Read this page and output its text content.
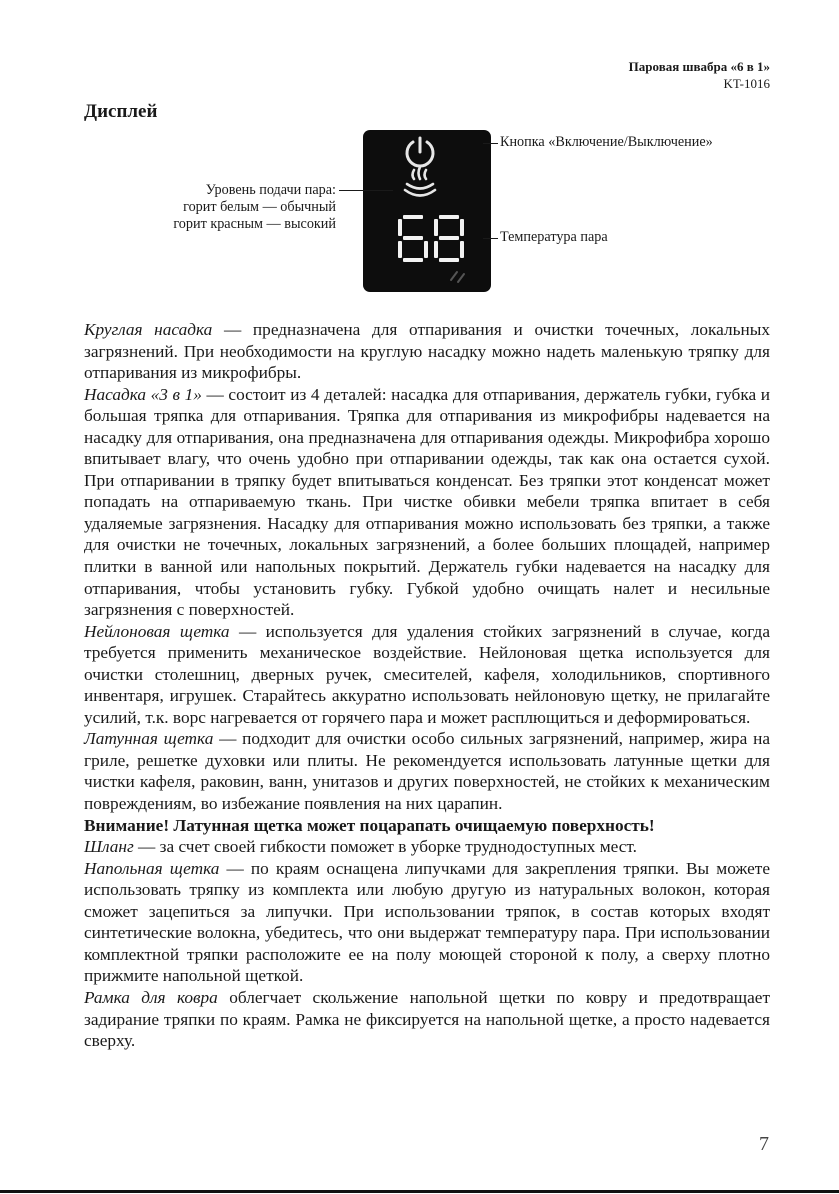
Паровая швабра «6 в 1»
KT-1016
Дисплей
Кнопка «Включение/Выключение»
Уровень подачи пара:
горит белым — обычный
горит красным — высокий
Температура пара

Круглая насадка — предназначена для отпаривания и очистки точечных, локальных загрязнений. При необходимости на круглую насадку можно надеть маленькую тряпку для отпаривания из микрофибры.

Насадка «3 в 1» — состоит из 4 деталей: насадка для отпаривания, держатель губки, губка и большая тряпка для отпаривания. Тряпка для отпаривания из микрофибры надевается на насадку для отпаривания, она предназначена для отпаривания одежды. Микрофибра хорошо впитывает влагу, что очень удобно при отпаривании одежды, так как она остается сухой. При отпаривании в тряпку будет впитываться конденсат. Без тряпки этот конденсат может попадать на отпариваемую ткань. При чистке обивки мебели тряпка впитает в себя удаляемые загрязнения. Насадку для отпаривания можно использовать без тряпки, а также для очистки не точечных, локальных загрязнений, а более больших площадей, например плитки в ванной или напольных покрытий. Держатель губки надевается на насадку для отпаривания, чтобы установить губку. Губкой удобно очищать налет и несильные загрязнения с поверхностей.

Нейлоновая щетка — используется для удаления стойких загрязнений в случае, когда требуется применить механическое воздействие. Нейлоновая щетка используется для очистки столешниц, дверных ручек, смесителей, кафеля, холодильников, спортивного инвентаря, игрушек. Старайтесь аккуратно использовать нейлоновую щетку, не прилагайте усилий, т.к. ворс нагревается от горячего пара и может расплющиться и деформироваться.

Латунная щетка — подходит для очистки особо сильных загрязнений, например, жира на гриле, решетке духовки или плиты. Не рекомендуется использовать латунные щетки для чистки кафеля, раковин, ванн, унитазов и других поверхностей, не стойких к механическим повреждениям, во избежание появления на них царапин.

Внимание! Латунная щетка может поцарапать очищаемую поверхность!

Шланг — за счет своей гибкости поможет в уборке труднодоступных мест.

Напольная щетка — по краям оснащена липучками для закрепления тряпки. Вы можете использовать тряпку из комплекта или любую другую из натуральных волокон, которая сможет зацепиться за липучки. При использовании тряпок, в состав которых входят синтетические волокна, убедитесь, что они выдержат температуру пара. При использовании комплектной тряпки расположите ее на полу моющей стороной к полу, а сверху плотно прижмите напольной щеткой.

Рамка для ковра облегчает скольжение напольной щетки по ковру и предотвращает задирание тряпки по краям. Рамка не фиксируется на напольной щетке, а просто надевается сверху.

7
